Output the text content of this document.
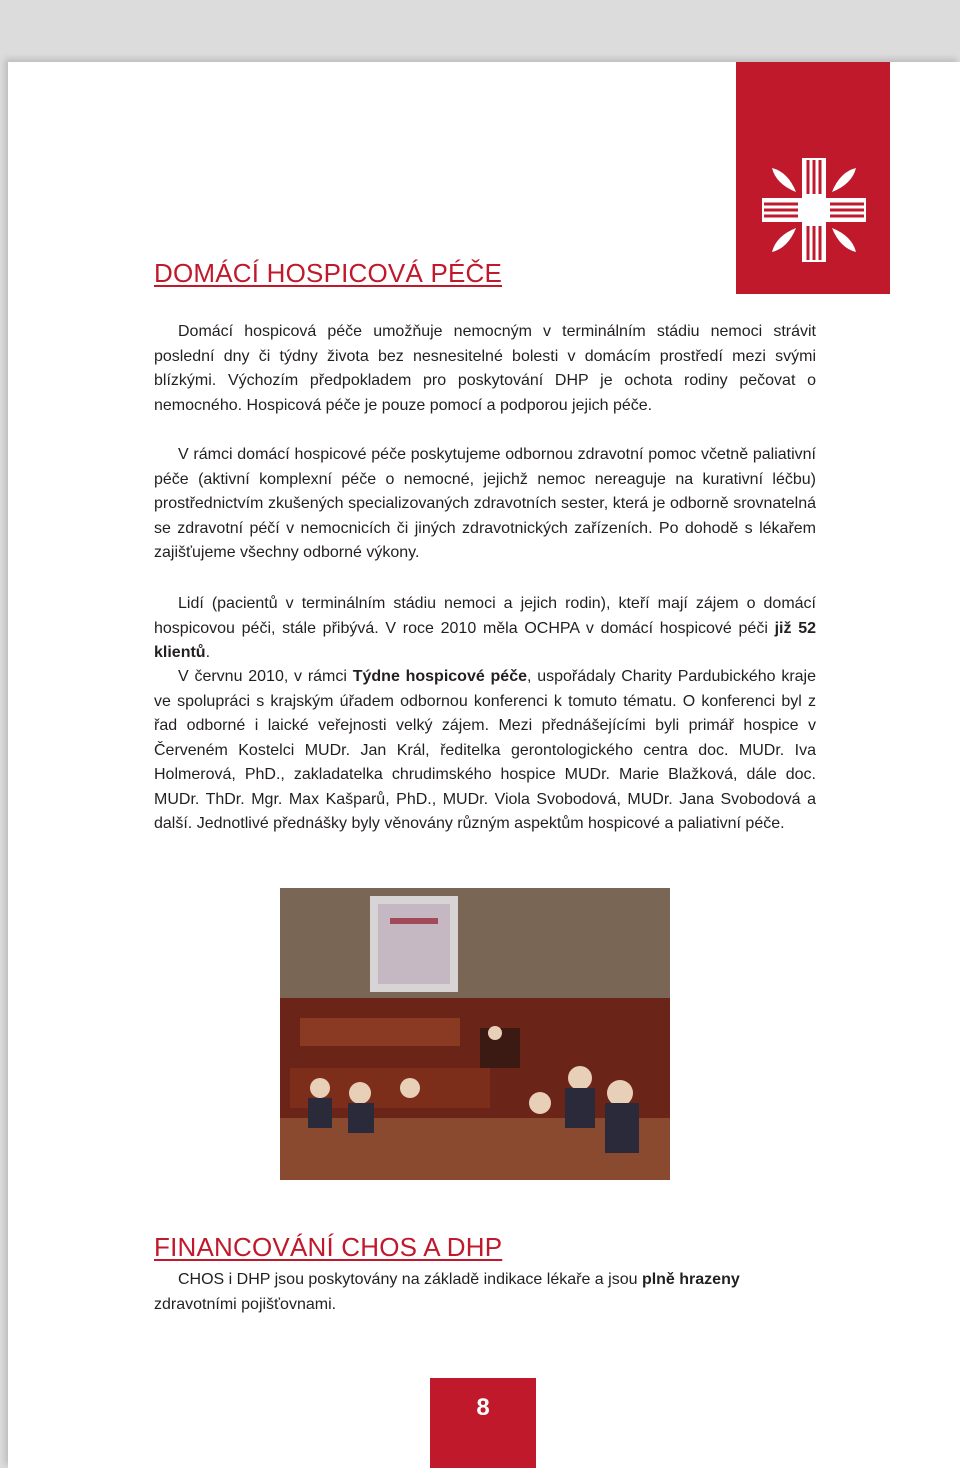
DOMÁCÍ HOSPICOVÁ PÉČE

Domácí hospicová péče umožňuje nemocným v terminálním stádiu nemoci strávit poslední dny či týdny života bez nesnesitelné bolesti v domácím prostředí mezi svými blízkými. Výchozím předpokladem pro poskytování DHP je ochota rodiny pečovat o nemocného. Hospicová péče je pouze pomocí a podporou jejich péče.

V rámci domácí hospicové péče poskytujeme odbornou zdravotní pomoc včetně paliativní péče (aktivní komplexní péče o nemocné, jejichž nemoc nereaguje na kurativní léčbu) prostřednictvím zkušených specializovaných zdravotních sester, která je odborně srovnatelná se zdravotní péčí v nemocnicích či jiných zdravotnických zařízeních. Po dohodě s lékařem zajišťujeme všechny odborné výkony.

Lidí (pacientů v terminálním stádiu nemoci a jejich rodin), kteří mají zájem o domácí hospicovou péči, stále přibývá. V roce 2010 měla OCHPA v domácí hospicové péči již 52 klientů.

V červnu 2010, v rámci Týdne hospicové péče, uspořádaly Charity Pardubického kraje ve spolupráci s krajským úřadem odbornou konferenci k tomuto tématu. O konferenci byl z řad odborné i laické veřejnosti velký zájem. Mezi přednášejícími byli primář hospice v Červeném Kostelci MUDr. Jan Král, ředitelka gerontologického centra doc. MUDr. Iva Holmerová, PhD., zakladatelka chrudimského hospice MUDr. Marie Blažková, dále doc. MUDr. ThDr. Mgr. Max Kašparů, PhD., MUDr. Viola Svobodová, MUDr. Jana Svobodová a další. Jednotlivé přednášky byly věnovány různým aspektům hospicové a paliativní péče.

FINANCOVÁNÍ CHOS A DHP

CHOS i DHP jsou poskytovány na základě indikace lékaře a jsou plně hrazeny zdravotními pojišťovnami.

8
